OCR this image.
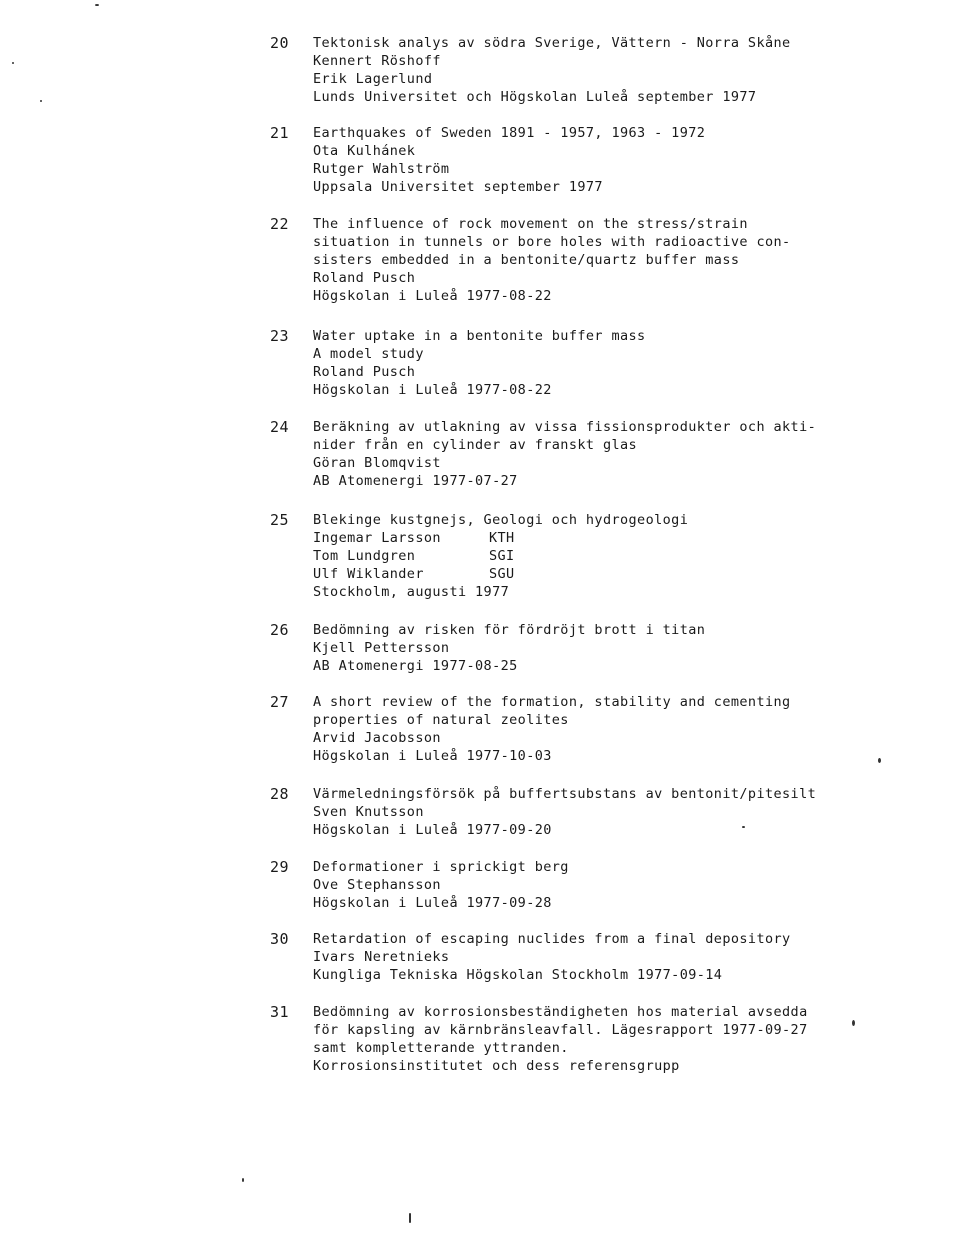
20 Tektonisk analys av södra Sverige, Vättern - Norra Skåne
Kennert Röshoff
Erik Lagerlund
Lunds Universitet och Högskolan Luleå september 1977
21 Earthquakes of Sweden 1891 - 1957, 1963 - 1972
Ota Kulhánek
Rutger Wahlström
Uppsala Universitet september 1977
22 The influence of rock movement on the stress/strain
situation in tunnels or bore holes with radioactive con-
sisters embedded in a bentonite/quartz buffer mass
Roland Pusch
Högskolan i Luleå 1977-08-22
23 Water uptake in a bentonite buffer mass
A model study
Roland Pusch
Högskolan i Luleå 1977-08-22
24 Beräkning av utlakning av vissa fissionsprodukter och akti-
nider från en cylinder av franskt glas
Göran Blomqvist
AB Atomenergi 1977-07-27
25 Blekinge kustgnejs, Geologi och hydrogeologi
Ingemar Larsson	KTH
Tom Lundgren	SGI
Ulf Wiklander	SGU
Stockholm, augusti 1977
26 Bedömning av risken för fördröjt brott i titan
Kjell Pettersson
AB Atomenergi 1977-08-25
27 A short review of the formation, stability and cementing
properties of natural zeolites
Arvid Jacobsson
Högskolan i Luleå 1977-10-03
28 Värmeledningsförsök på buffertsubstans av bentonit/pitesilt
Sven Knutsson
Högskolan i Luleå 1977-09-20
29 Deformationer i sprickigt berg
Ove Stephansson
Högskolan i Luleå 1977-09-28
30 Retardation of escaping nuclides from a final depository
Ivars Neretnieks
Kungliga Tekniska Högskolan Stockholm 1977-09-14
31 Bedömning av korrosionsbeständigheten hos material avsedda
för kapsling av kärnbränsleavfall. Lägesrapport 1977-09-27
samt kompletterande yttranden.
Korrosionsinstitutet och dess referensgrupp
